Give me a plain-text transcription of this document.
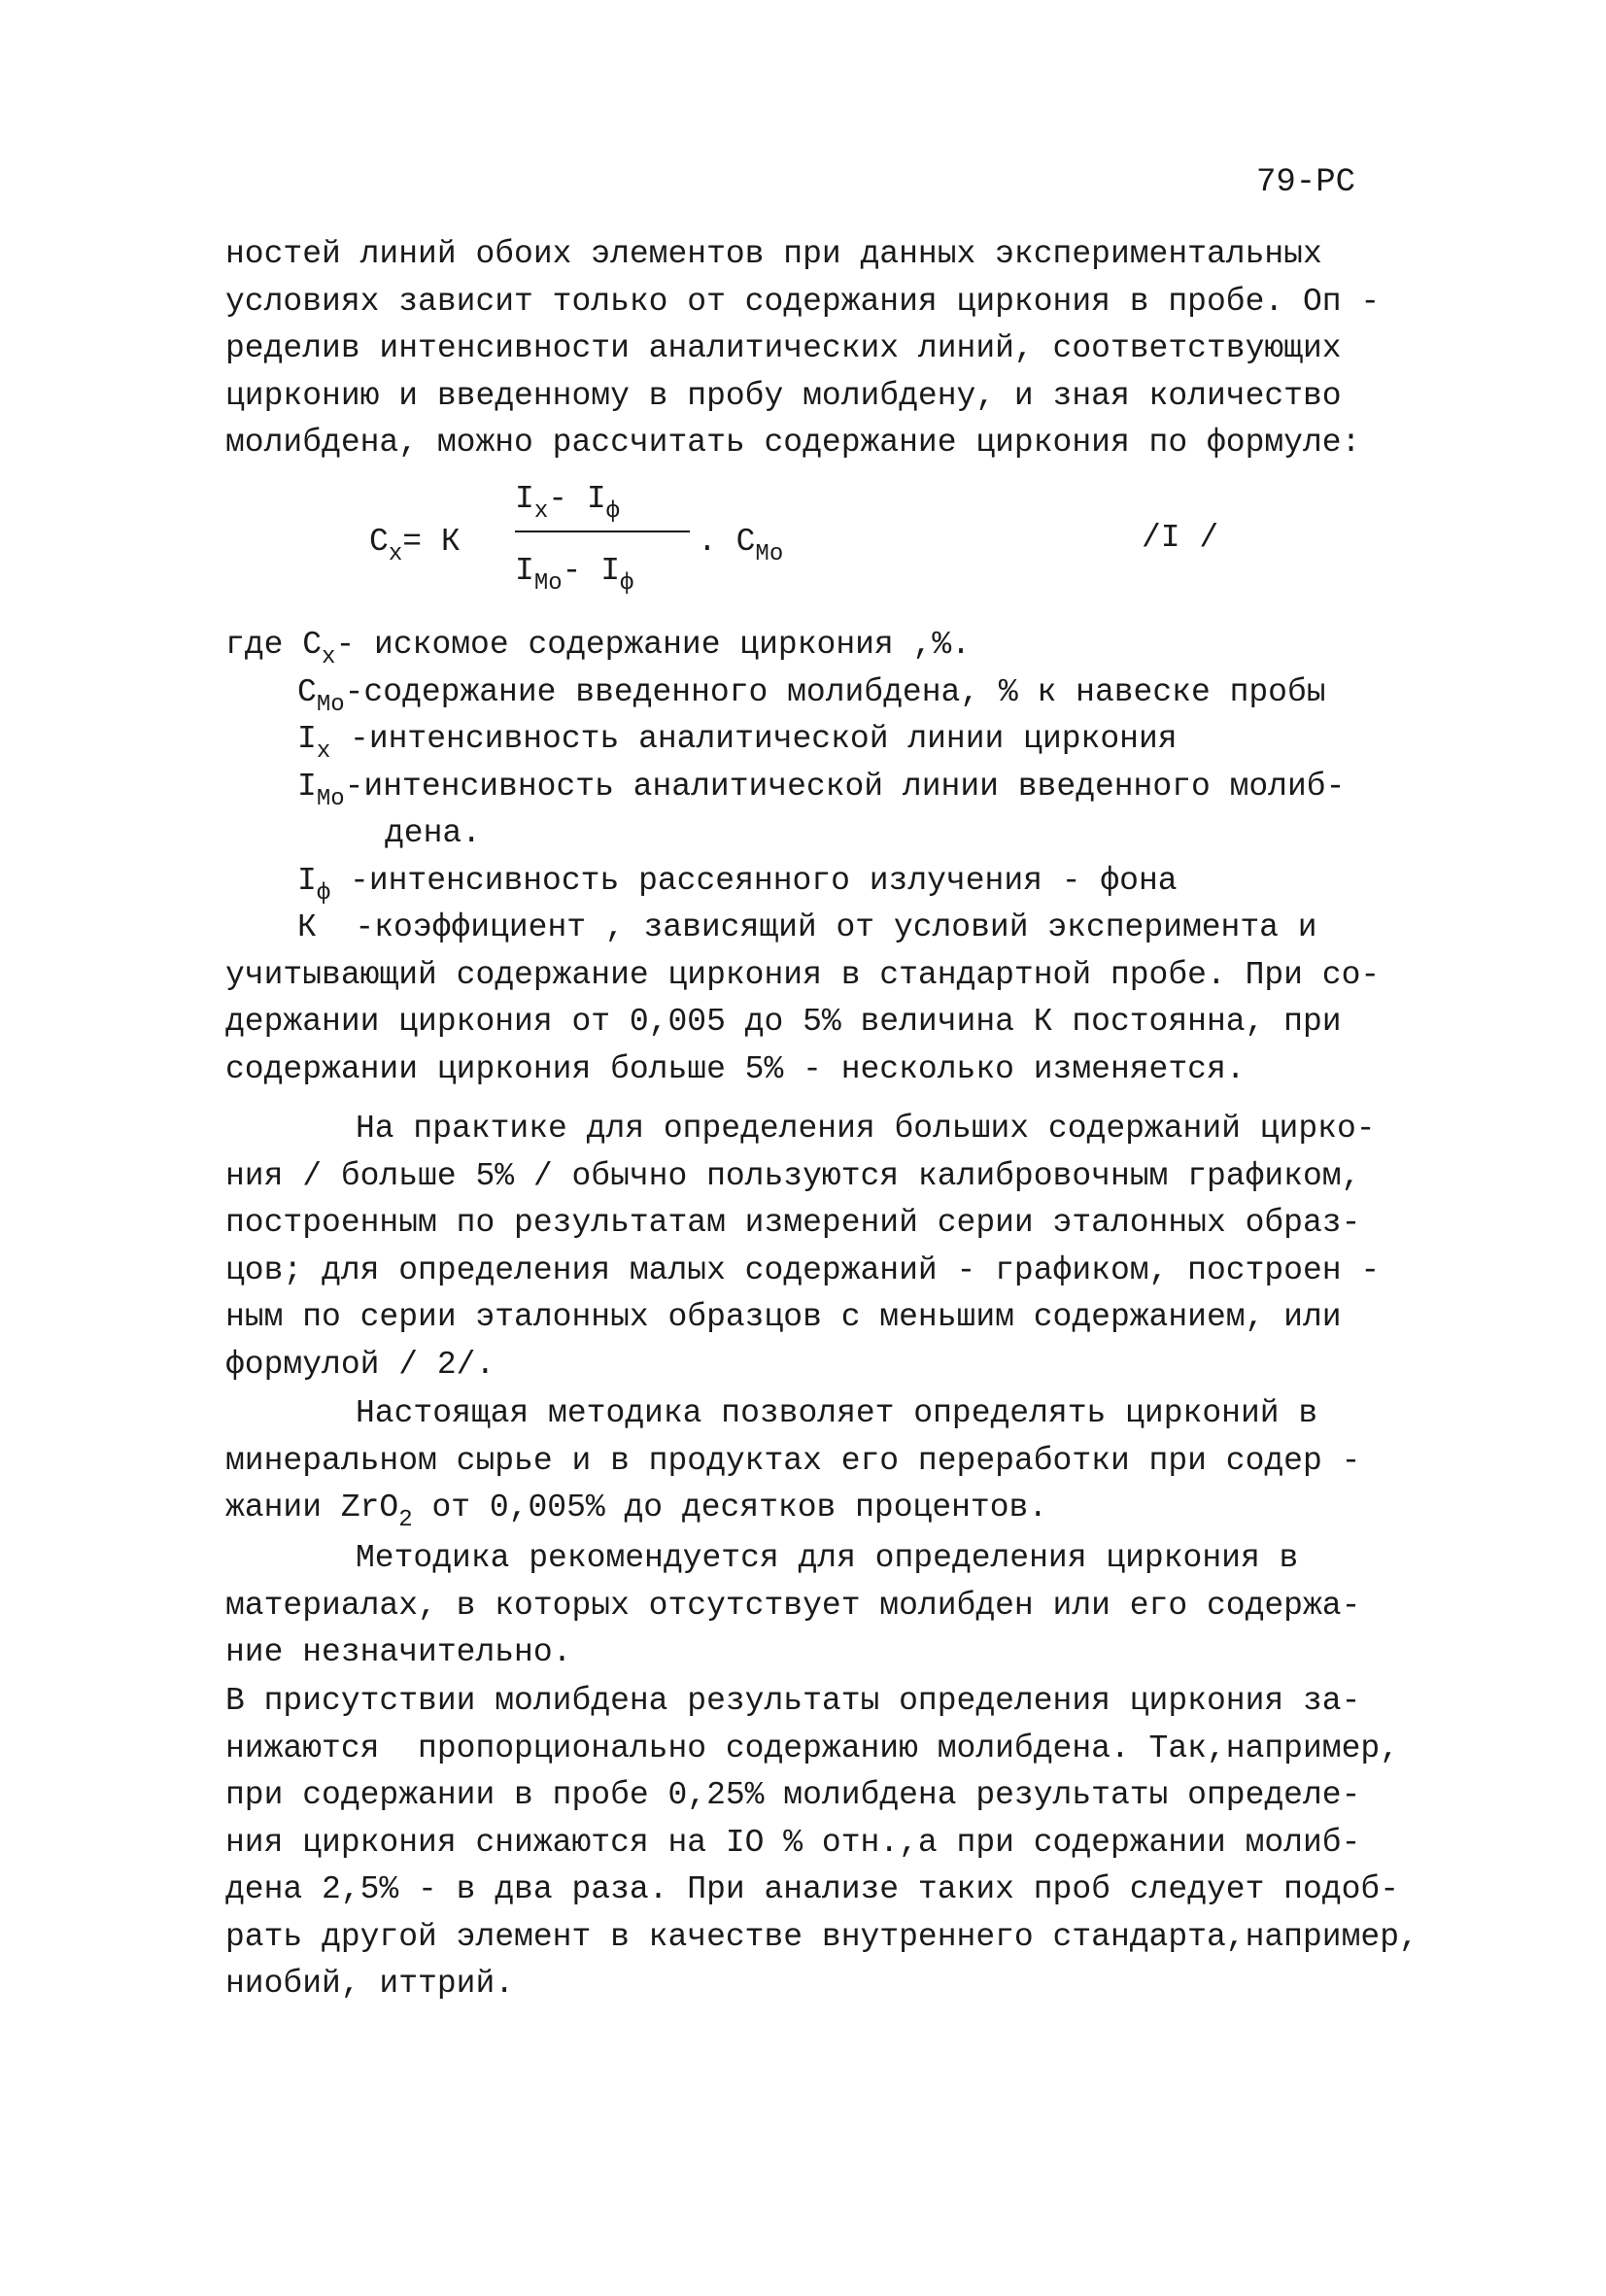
79-РС
ностей линий обоих элементов при данных экспериментальных
условиях зависит только от содержания циркония в пробе. Оп -
ределив интенсивности аналитических линий, соответствующих
цирконию и введенному в пробу молибдену, и зная количество
молибдена, можно рассчитать содержание циркония по формуле:
$C_x= К$
$I_x-$ $I_ф$
$I_{Mo}-$ $I_ф$
. $C_{Mo}$	/I /
где $C_x-$ искомое содержание циркония ,%.
$C_{Mo}$-содержание введенного молибдена, % к навеске пробы
$I_x$ -интенсивность аналитической линии циркония
$I_{Mo}$-интенсивность аналитической линии введенного молиб-
дена.
$I_ф$ -интенсивность рассеянного излучения - фона
К  -коэффициент , зависящий от условий эксперимента и
учитывающий содержание циркония в стандартной пробе. При со-
держании циркония от 0,005 до 5% величина К постоянна, при
содержании циркония больше 5% - несколько изменяется.
На практике для определения больших содержаний цирко-
ния / больше 5% / обычно пользуются калибровочным графиком,
построенным по результатам измерений серии эталонных образ-
цов; для определения малых содержаний - графиком, построен -
ным по серии эталонных образцов с меньшим содержанием, или
формулой / 2/.
Настоящая методика позволяет определять цирконий в
минеральном сырье и в продуктах его переработки при содер -
жании ZrO$_2$ от 0,005% до десятков процентов.
Методика рекомендуется для определения циркония в
материалах, в которых отсутствует молибден или его содержа-
ние незначительно.
В присутствии молибдена результаты определения циркония за-
нижаются  пропорционально содержанию молибдена. Так,например,
при содержании в пробе 0,25% молибдена результаты определе-
ния циркония снижаются на IO % отн.,а при содержании молиб-
дена 2,5% - в два раза. При анализе таких проб следует подоб-
рать другой элемент в качестве внутреннего стандарта,например,
ниобий, иттрий.
